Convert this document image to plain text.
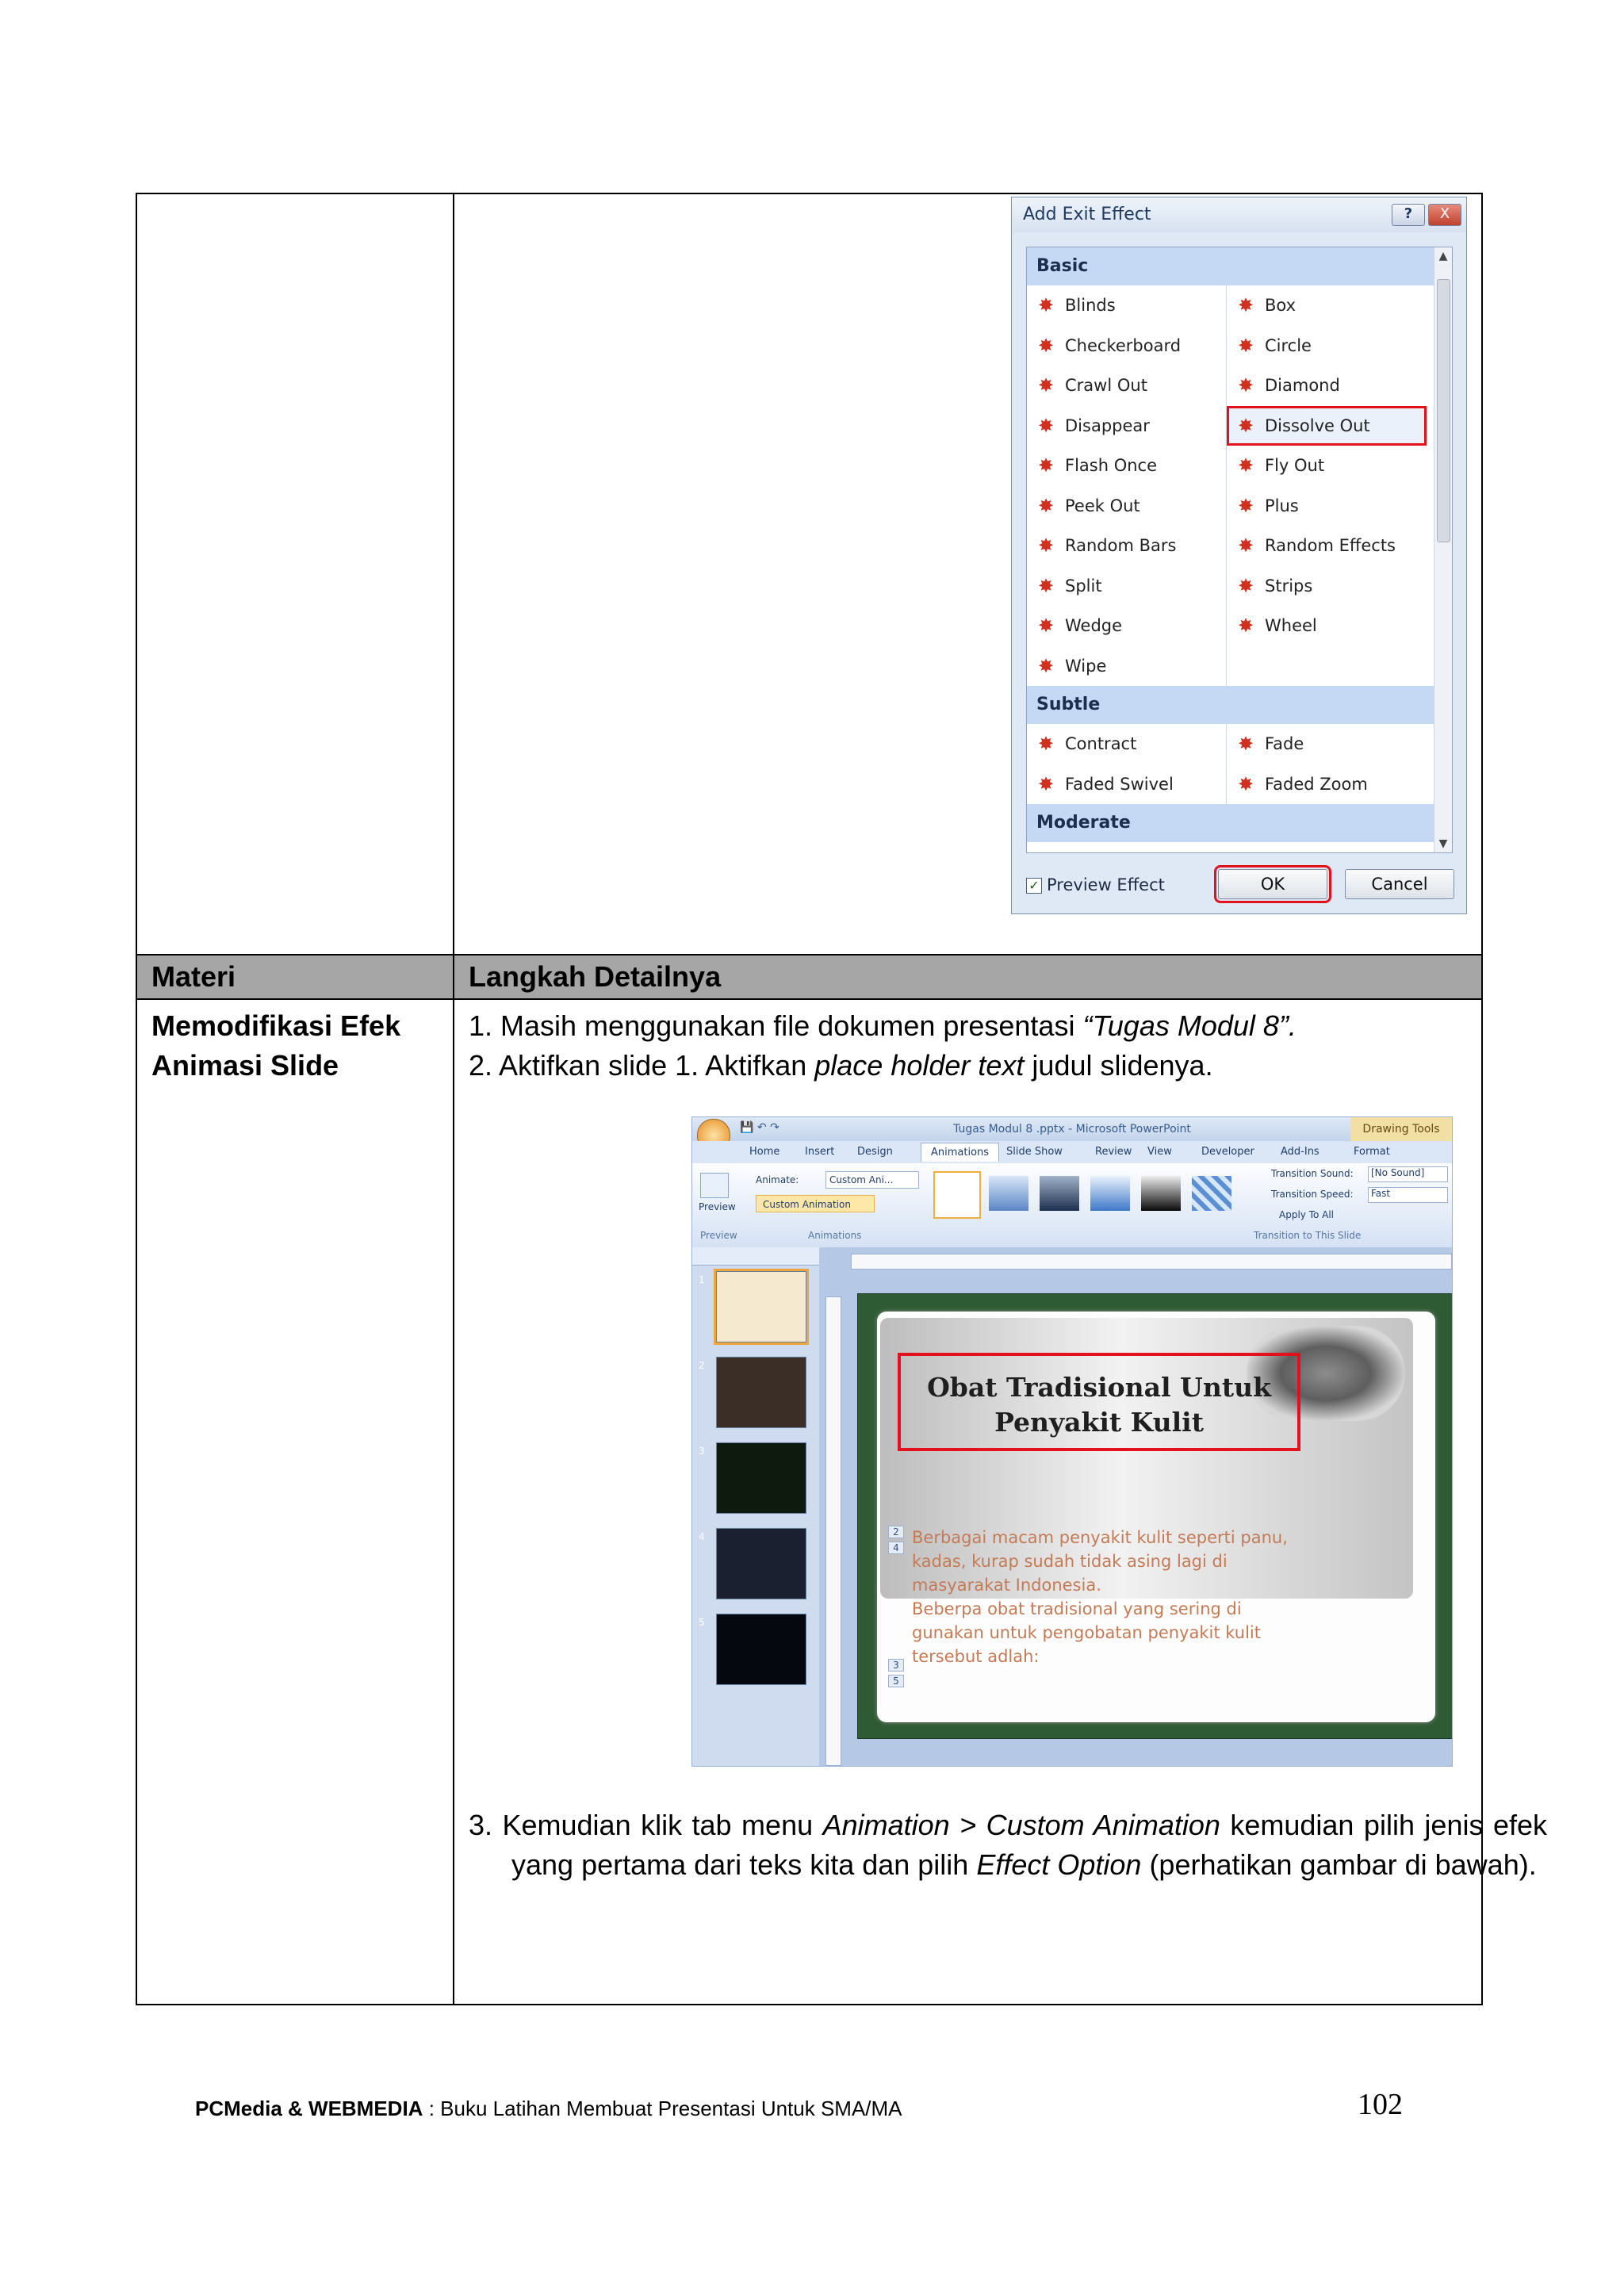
Materi	Langkah Detailnya

Memodifikasi Efek Animasi Slide	1. Masih menggunakan file dokumen presentasi “Tugas Modul 8”.
2. Aktifkan slide 1. Aktifkan place holder text judul slidenya.
3. Kemudian klik tab menu Animation > Custom Animation kemudian pilih jenis efek yang pertama dari teks kita dan pilih Effect Option (perhatikan gambar di bawah).
Add Exit Effect	? X
Basic
✸ Blinds	✸ Box
✸ Checkerboard	✸ Circle
✸ Crawl Out	✸ Diamond
✸ Disappear	✸ Dissolve Out
✸ Flash Once	✸ Fly Out
✸ Peek Out	✸ Plus
✸ Random Bars	✸ Random Effects
✸ Split	✸ Strips
✸ Wedge	✸ Wheel
✸ Wipe
Subtle
✸ Contract	✸ Fade
✸ Faded Swivel	✸ Faded Zoom
Moderate
▲
▼
✓ Preview Effect	OK	Cancel
💾 ↶ ↷	Tugas Modul 8 .pptx - Microsoft PowerPoint	Drawing Tools
Home Insert Design	Animations	Slide Show	Review View	Developer	Add-Ins	Format
Preview
Animate:	Custom Ani...
Custom Animation
Transition Sound:	[No Sound]
Transition Speed:	Fast
Apply To All
Preview	Animations	Transition to This Slide
1
2
3
4
5
Obat Tradisional Untuk Penyakit Kulit
Berbagai macam penyakit kulit seperti panu,
kadas, kurap sudah tidak asing lagi di
masyarakat Indonesia.
Beberpa obat tradisional yang sering di
gunakan untuk pengobatan penyakit kulit
tersebut adlah:
2
4
3
5
PCMedia & WEBMEDIA : Buku Latihan Membuat Presentasi Untuk SMA/MA	102
